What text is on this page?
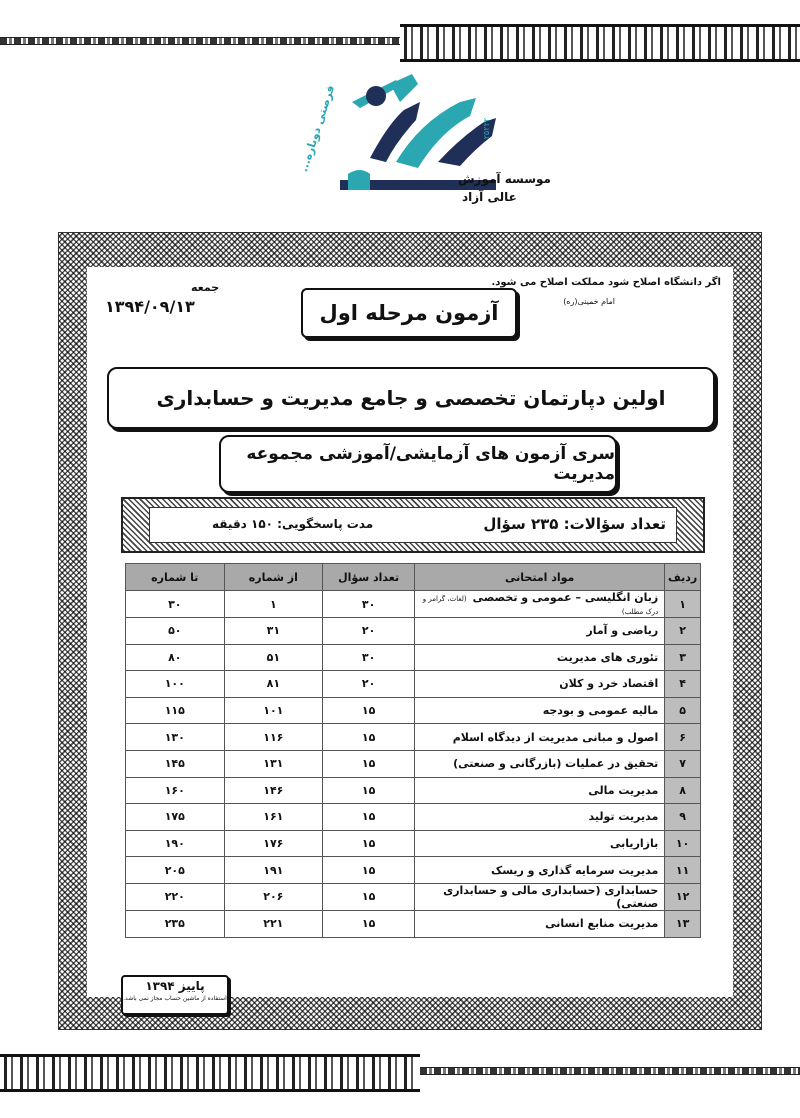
فرصتی دوباره...	۲۵۲۲۲
موسسه آموزش
عالی آزاد
اگر دانشگاه اصلاح شود مملکت اصلاح می شود.
امام خمینی(ره)
جمعه
۱۳۹۴/۰۹/۱۳	آزمون مرحله اول
اولین دپارتمان تخصصی و جامع مدیریت و حسابداری
سری آزمون های آزمایشی/آموزشی مجموعه مدیریت
تعداد سؤالات: ۲۳۵ سؤال
مدت پاسخگویی: ۱۵۰ دقیقه
ردیف	مواد امتحانی	تعداد سؤال	از شماره	تا شماره
۱	زبان انگلیسی – عمومی و تخصصی(لغات، گرامر و درک مطلب)	۳۰	۱	۳۰
۲	ریاضی و آمار	۲۰	۳۱	۵۰
۳	تئوری های مدیریت	۳۰	۵۱	۸۰
۴	اقتصاد خرد و کلان	۲۰	۸۱	۱۰۰
۵	مالیه عمومی و بودجه	۱۵	۱۰۱	۱۱۵
۶	اصول و مبانی مدیریت از دیدگاه اسلام	۱۵	۱۱۶	۱۳۰
۷	تحقیق در عملیات (بازرگانی و صنعتی)	۱۵	۱۳۱	۱۴۵
۸	مدیریت مالی	۱۵	۱۴۶	۱۶۰
۹	مدیریت تولید	۱۵	۱۶۱	۱۷۵
۱۰	بازاریابی	۱۵	۱۷۶	۱۹۰
۱۱	مدیریت سرمایه گذاری و ریسک	۱۵	۱۹۱	۲۰۵
۱۲	حسابداری (حسابداری مالی و حسابداری صنعتی)	۱۵	۲۰۶	۲۲۰
۱۳	مدیریت منابع انسانی	۱۵	۲۲۱	۲۳۵
پاییز ۱۳۹۴
استفاده از ماشین حساب مجاز نمی باشد.
